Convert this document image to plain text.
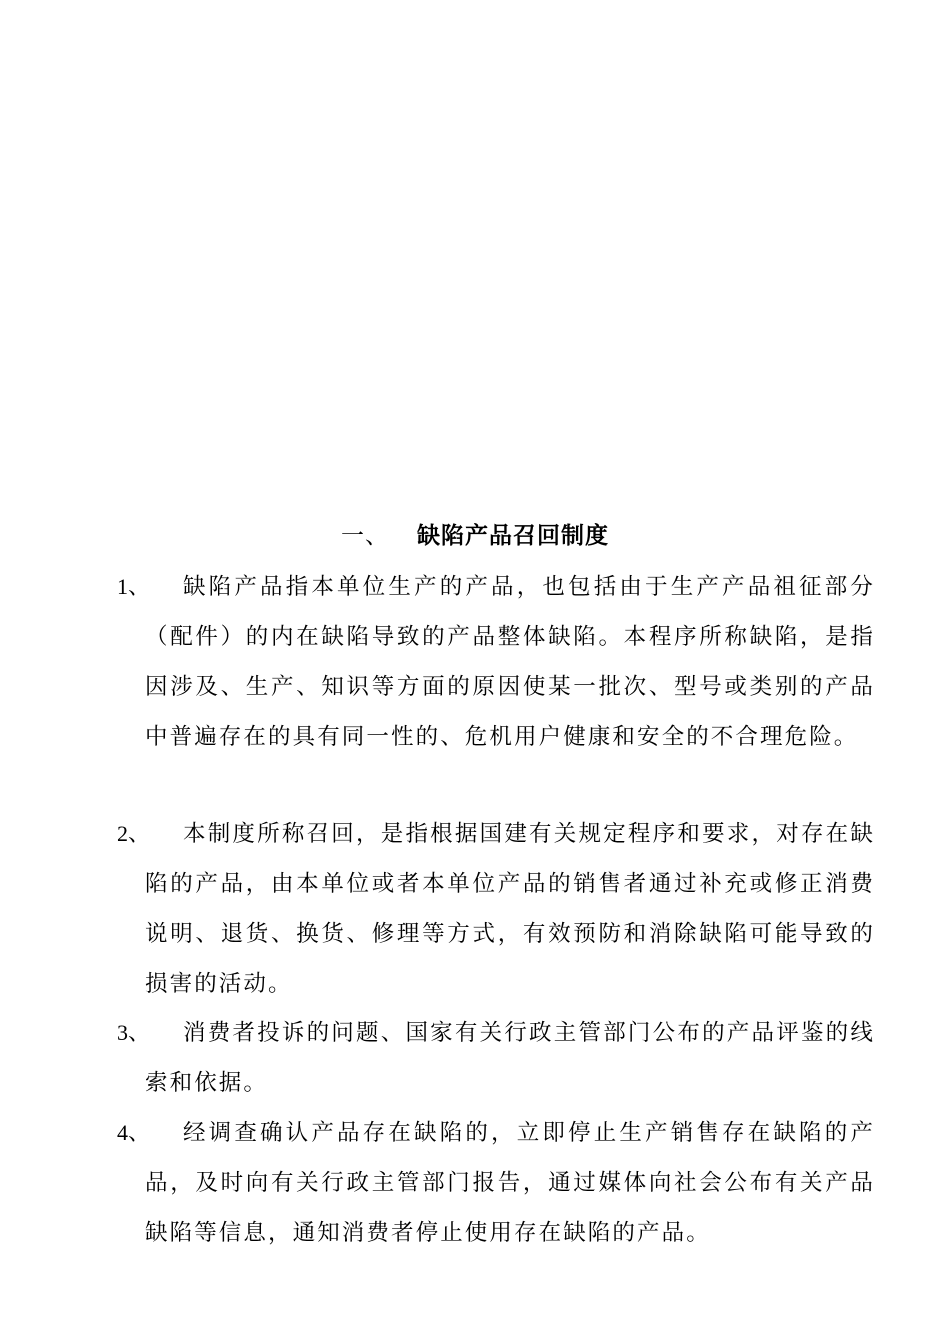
一、 缺陷产品召回制度
1、	缺陷产品指本单位生产的产品，也包括由于生产产品祖征部分（配件）的内在缺陷导致的产品整体缺陷。本程序所称缺陷，是指因涉及、生产、知识等方面的原因使某一批次、型号或类别的产品中普遍存在的具有同一性的、危机用户健康和安全的不合理危险。
2、	本制度所称召回，是指根据国建有关规定程序和要求，对存在缺陷的产品，由本单位或者本单位产品的销售者通过补充或修正消费说明、退货、换货、修理等方式，有效预防和消除缺陷可能导致的损害的活动。
3、	消费者投诉的问题、国家有关行政主管部门公布的产品评鉴的线索和依据。
4、	经调查确认产品存在缺陷的，立即停止生产销售存在缺陷的产品，及时向有关行政主管部门报告，通过媒体向社会公布有关产品缺陷等信息，通知消费者停止使用存在缺陷的产品。
